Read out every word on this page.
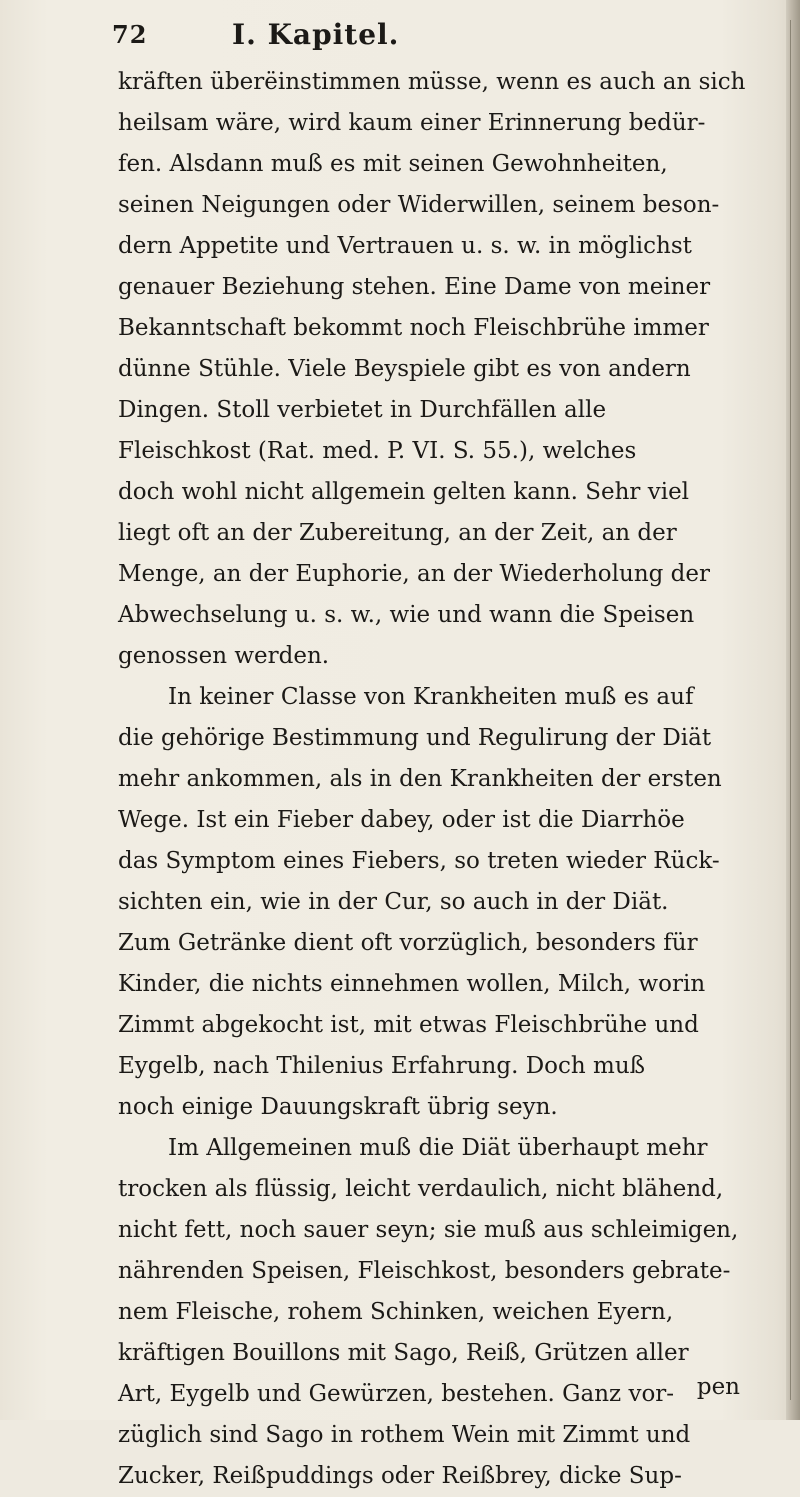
72	I. Kapitel.
kräften überëinstimmen müsse, wenn es auch an sich
heilsam wäre, wird kaum einer Erinnerung bedür-
fen. Alsdann muß es mit seinen Gewohnheiten,
seinen Neigungen oder Widerwillen, seinem beson-
dern Appetite und Vertrauen u. s. w. in möglichst
genauer Beziehung stehen. Eine Dame von meiner
Bekanntschaft bekommt noch Fleischbrühe immer
dünne Stühle. Viele Beyspiele gibt es von andern
Dingen. Stoll verbietet in Durchfällen alle
Fleischkost (Rat. med. P. VI. S. 55.), welches
doch wohl nicht allgemein gelten kann. Sehr viel
liegt oft an der Zubereitung, an der Zeit, an der
Menge, an der Euphorie, an der Wiederholung der
Abwechselung u. s. w., wie und wann die Speisen
genossen werden.
In keiner Classe von Krankheiten muß es auf
die gehörige Bestimmung und Regulirung der Diät
mehr ankommen, als in den Krankheiten der ersten
Wege. Ist ein Fieber dabey, oder ist die Diarrhöe
das Symptom eines Fiebers, so treten wieder Rück-
sichten ein, wie in der Cur, so auch in der Diät.
Zum Getränke dient oft vorzüglich, besonders für
Kinder, die nichts einnehmen wollen, Milch, worin
Zimmt abgekocht ist, mit etwas Fleischbrühe und
Eygelb, nach Thilenius Erfahrung. Doch muß
noch einige Dauungskraft übrig seyn.
Im Allgemeinen muß die Diät überhaupt mehr
trocken als flüssig, leicht verdaulich, nicht blähend,
nicht fett, noch sauer seyn; sie muß aus schleimigen,
nährenden Speisen, Fleischkost, besonders gebrate-
nem Fleische, rohem Schinken, weichen Eyern,
kräftigen Bouillons mit Sago, Reiß, Grützen aller
Art, Eygelb und Gewürzen, bestehen. Ganz vor-
züglich sind Sago in rothem Wein mit Zimmt und
Zucker, Reißpuddings oder Reißbrey, dicke Sup-
pen
